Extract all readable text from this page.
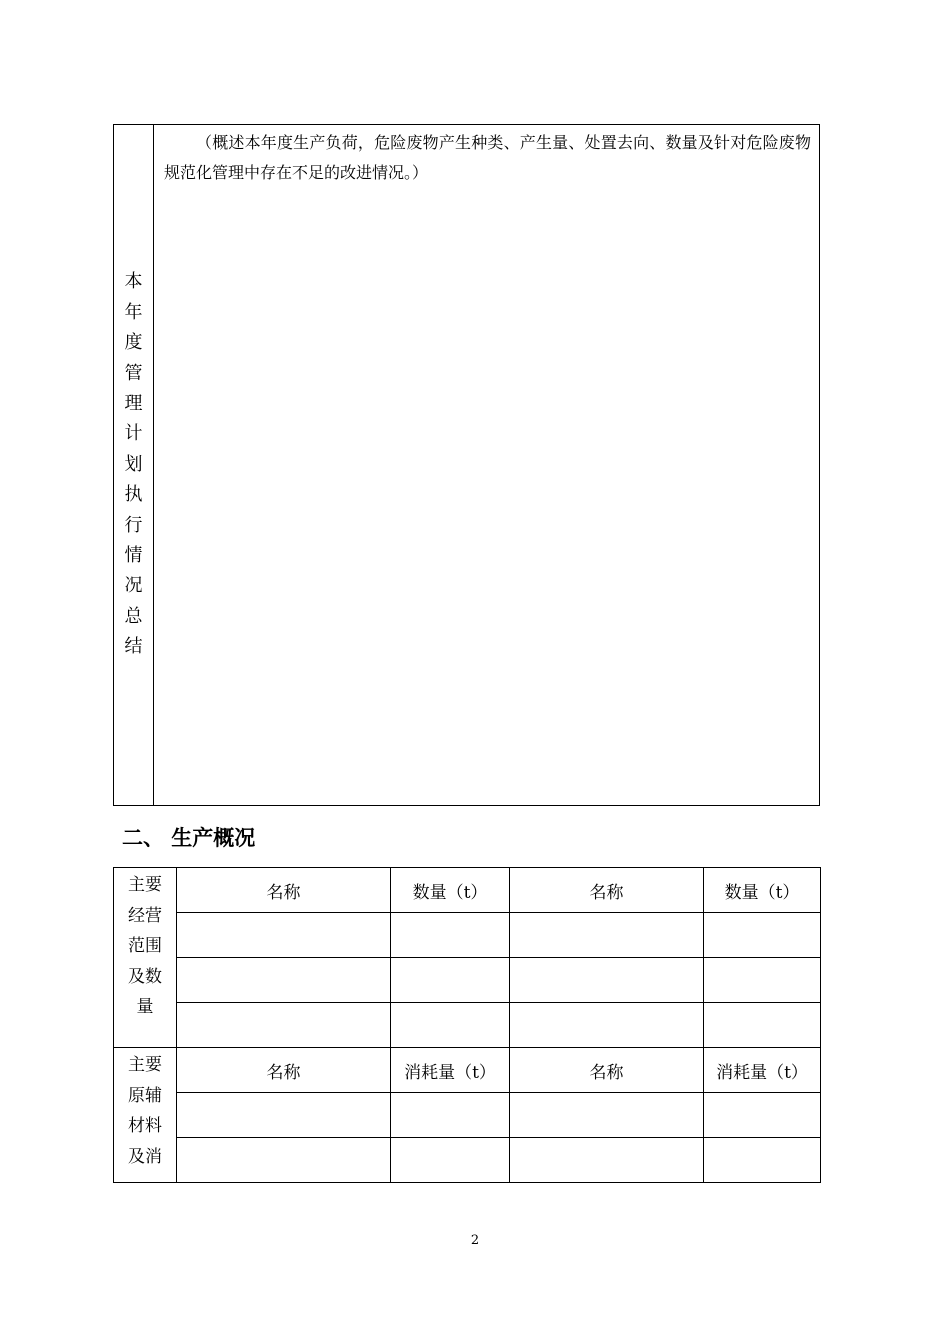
本年度管理计划执行情况总结

（概述本年度生产负荷，危险废物产生种类、产生量、处置去向、数量及针对危险废物规范化管理中存在不足的改进情况。）

二、 生产概况
主要经营范围及数量	名称	数量（t）	名称	数量（t）

主要原辅材料及消	名称	消耗量（t）	名称	消耗量（t）

2
